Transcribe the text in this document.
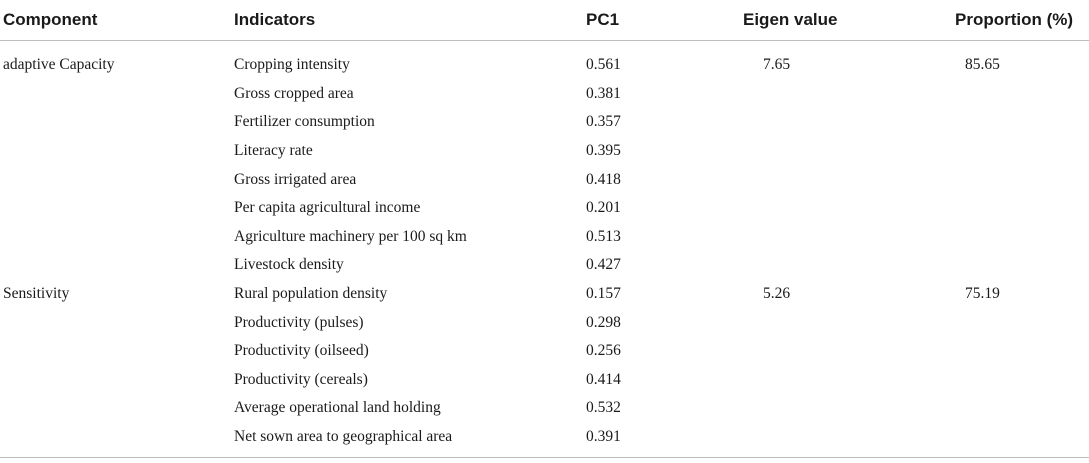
Component	Indicators	PC1	Eigen value	Proportion (%)
adaptive Capacity	Cropping intensity	0.561	7.65	85.65
	Gross cropped area	0.381		
	Fertilizer consumption	0.357		
	Literacy rate	0.395		
	Gross irrigated area	0.418		
	Per capita agricultural income	0.201		
	Agriculture machinery per 100 sq km	0.513		
	Livestock density	0.427		
Sensitivity	Rural population density	0.157	5.26	75.19
	Productivity (pulses)	0.298		
	Productivity (oilseed)	0.256		
	Productivity (cereals)	0.414		
	Average operational land holding	0.532		
	Net sown area to geographical area	0.391		
